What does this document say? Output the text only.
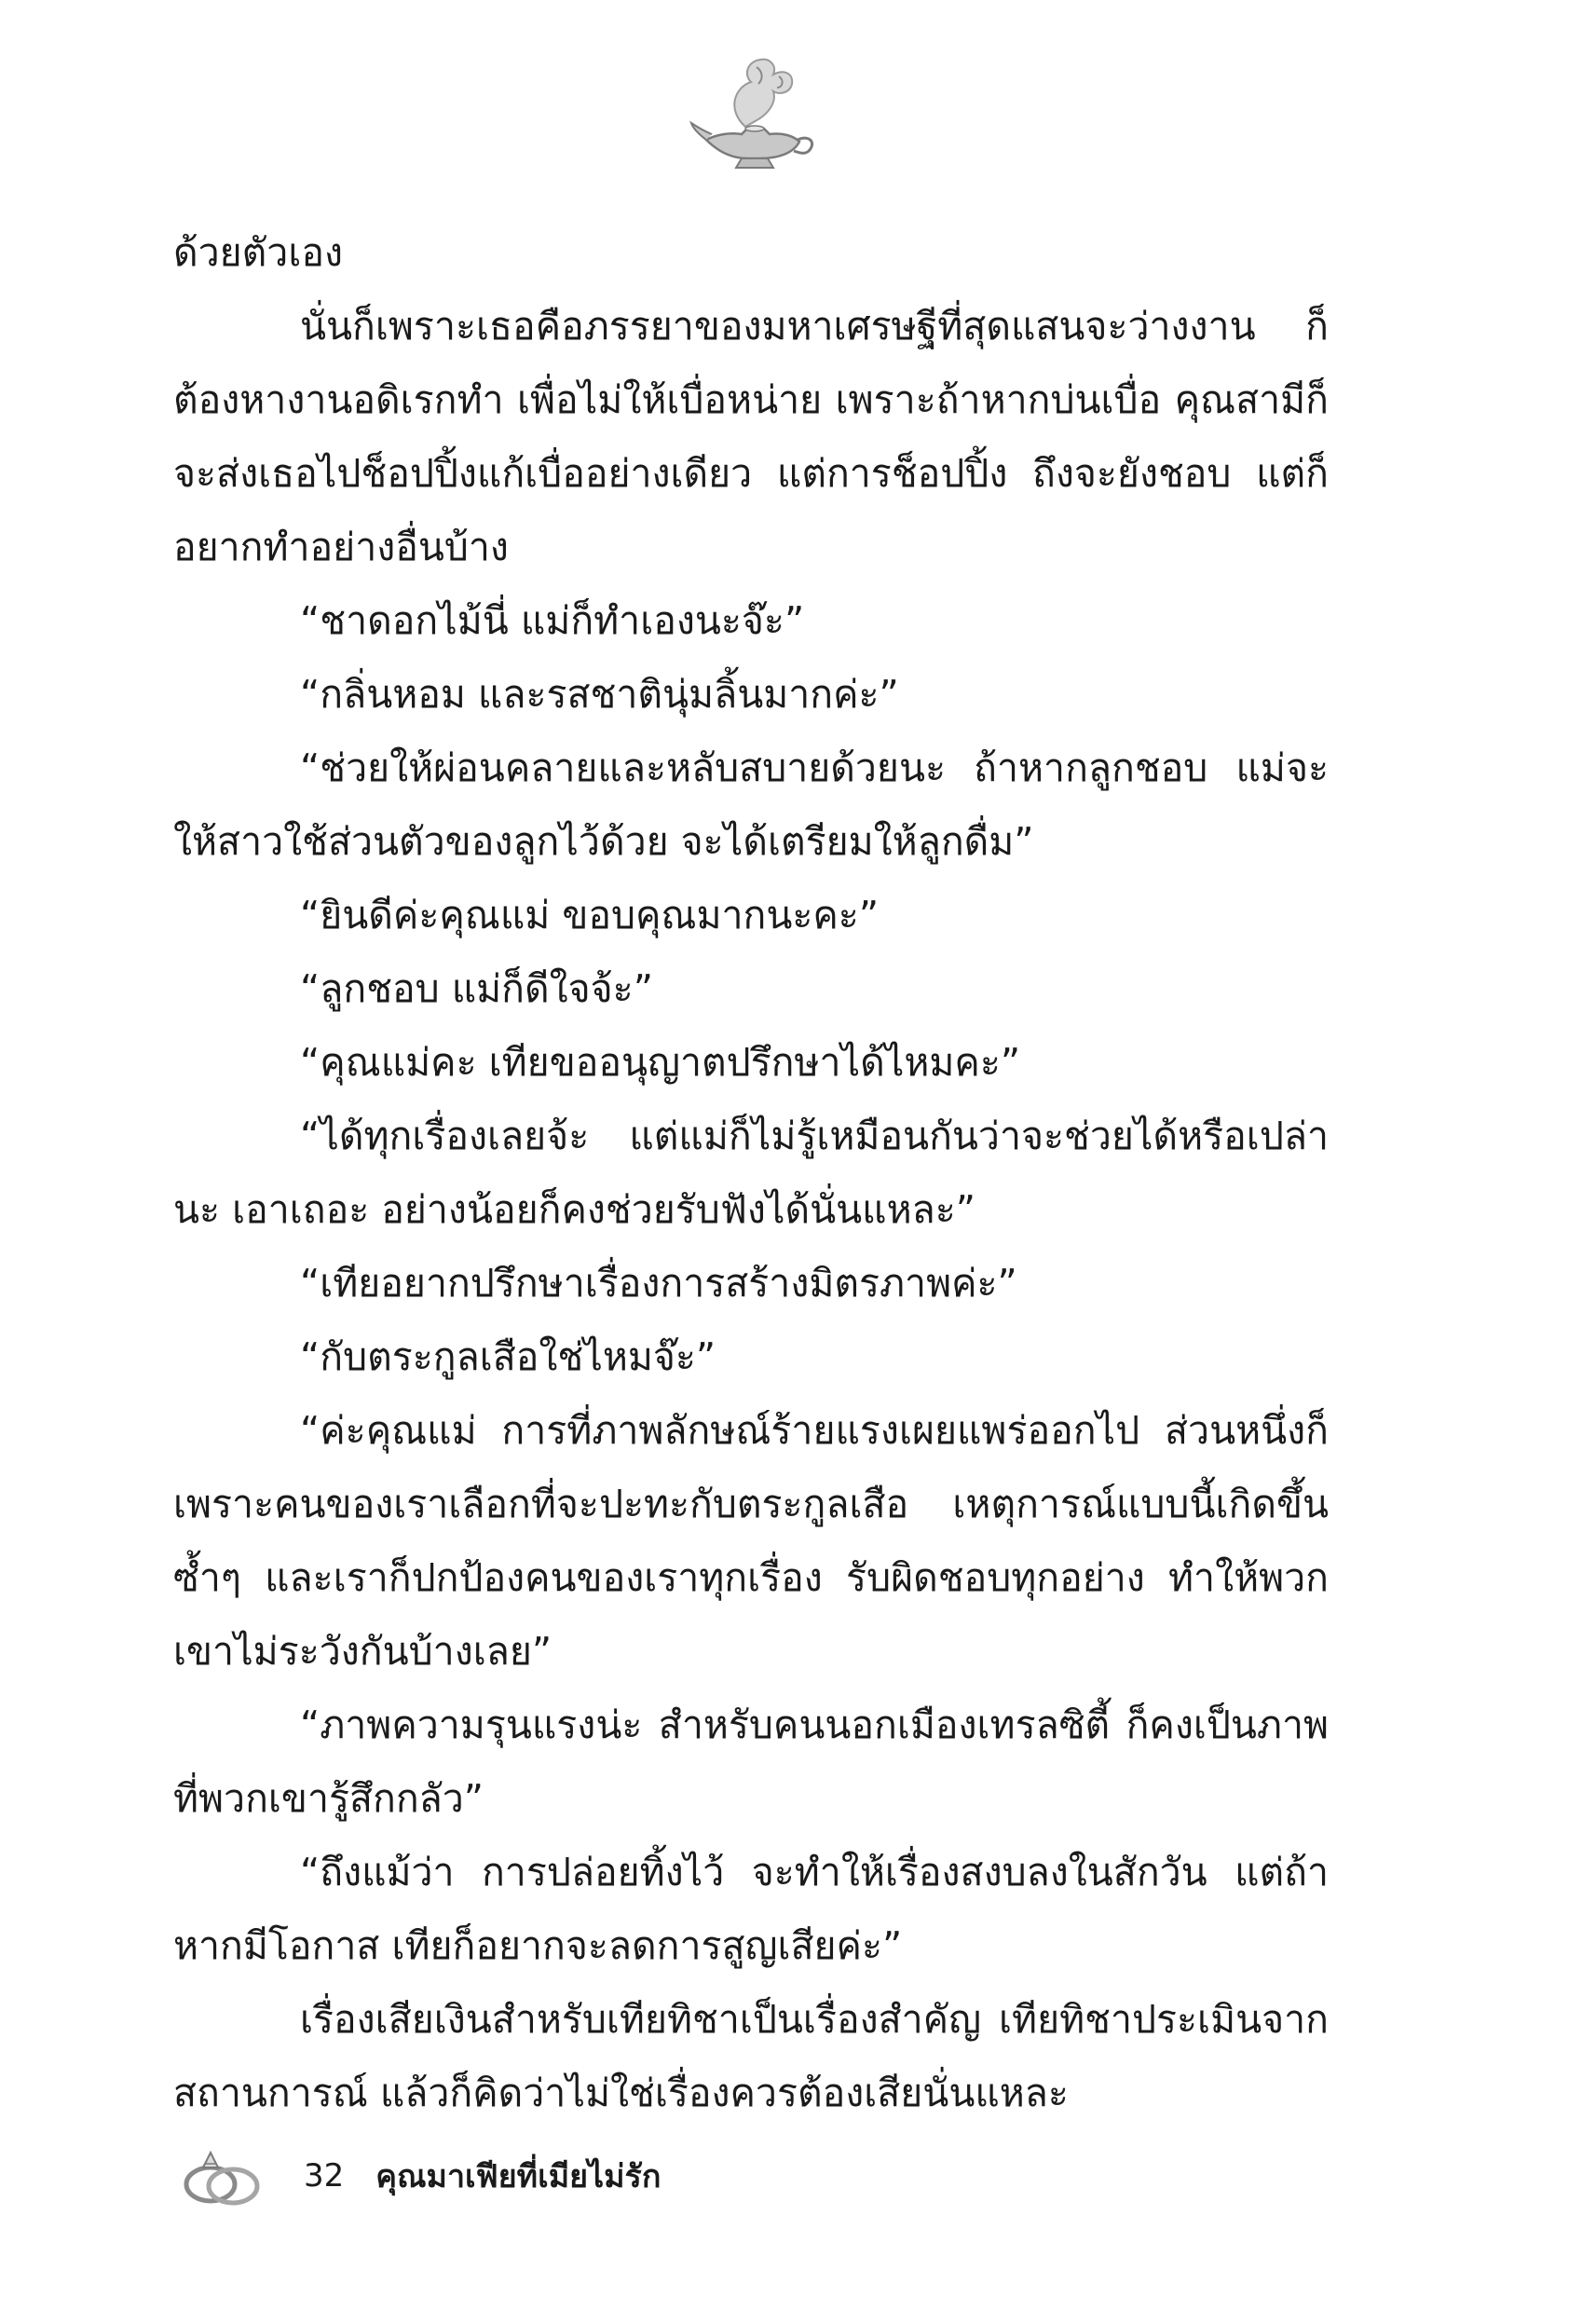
ด้วยตัวเอง

นั่นก็เพราะเธอคือภรรยาของมหาเศรษฐีที่สุดแสนจะว่างงาน ก็ต้องหางานอดิเรกทำ เพื่อไม่ให้เบื่อหน่าย เพราะถ้าหากบ่นเบื่อ คุณสามีก็จะส่งเธอไปช็อปปิ้งแก้เบื่ออย่างเดียว แต่การช็อปปิ้ง ถึงจะยังชอบ แต่ก็อยากทำอย่างอื่นบ้าง

“ชาดอกไม้นี่ แม่ก็ทำเองนะจ๊ะ”

“กลิ่นหอม และรสชาตินุ่มลิ้นมากค่ะ”

“ช่วยให้ผ่อนคลายและหลับสบายด้วยนะ ถ้าหากลูกชอบ แม่จะให้สาวใช้ส่วนตัวของลูกไว้ด้วย จะได้เตรียมให้ลูกดื่ม”

“ยินดีค่ะคุณแม่ ขอบคุณมากนะคะ”

“ลูกชอบ แม่ก็ดีใจจ้ะ”

“คุณแม่คะ เทียขออนุญาตปรึกษาได้ไหมคะ”

“ได้ทุกเรื่องเลยจ้ะ แต่แม่ก็ไม่รู้เหมือนกันว่าจะช่วยได้หรือเปล่านะ เอาเถอะ อย่างน้อยก็คงช่วยรับฟังได้นั่นแหละ”

“เทียอยากปรึกษาเรื่องการสร้างมิตรภาพค่ะ”

“กับตระกูลเสือใช่ไหมจ๊ะ”

“ค่ะคุณแม่ การที่ภาพลักษณ์ร้ายแรงเผยแพร่ออกไป ส่วนหนึ่งก็เพราะคนของเราเลือกที่จะปะทะกับตระกูลเสือ เหตุการณ์แบบนี้เกิดขึ้นซ้ำๆ และเราก็ปกป้องคนของเราทุกเรื่อง รับผิดชอบทุกอย่าง ทำให้พวกเขาไม่ระวังกันบ้างเลย”

“ภาพความรุนแรงน่ะ สำหรับคนนอกเมืองเทรลซิตี้ ก็คงเป็นภาพที่พวกเขารู้สึกกลัว”

“ถึงแม้ว่า การปล่อยทิ้งไว้ จะทำให้เรื่องสงบลงในสักวัน แต่ถ้าหากมีโอกาส เทียก็อยากจะลดการสูญเสียค่ะ”

เรื่องเสียเงินสำหรับเทียทิชาเป็นเรื่องสำคัญ เทียทิชาประเมินจากสถานการณ์ แล้วก็คิดว่าไม่ใช่เรื่องควรต้องเสียนั่นแหละ

32 คุณมาเฟียที่เมียไม่รัก
